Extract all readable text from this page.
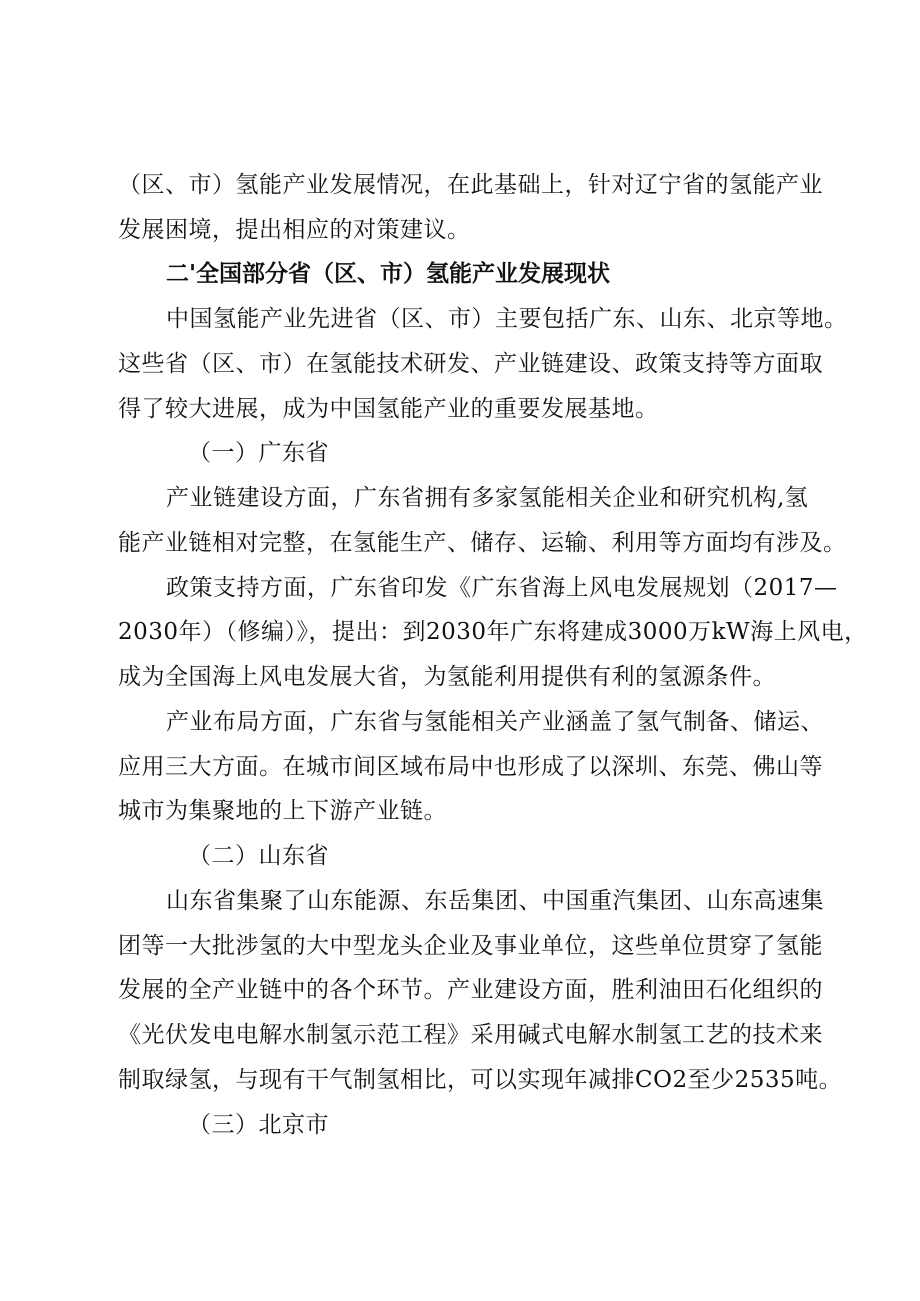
（区、市）氢能产业发展情况，在此基础上，针对辽宁省的氢能产业
发展困境，提出相应的对策建议。
二'全国部分省（区、市）氢能产业发展现状
中国氢能产业先进省（区、市）主要包括广东、山东、北京等地。
这些省（区、市）在氢能技术研发、产业链建设、政策支持等方面取
得了较大进展，成为中国氢能产业的重要发展基地。
（一）广东省
产业链建设方面，广东省拥有多家氢能相关企业和研究机构,氢
能产业链相对完整，在氢能生产、储存、运输、利用等方面均有涉及。
政策支持方面，广东省印发《广东省海上风电发展规划（2017—
2030年）（修编）》，提出：到2030年广东将建成3000万kW海上风电，
成为全国海上风电发展大省，为氢能利用提供有利的氢源条件。
产业布局方面，广东省与氢能相关产业涵盖了氢气制备、储运、
应用三大方面。在城市间区域布局中也形成了以深圳、东莞、佛山等
城市为集聚地的上下游产业链。
（二）山东省
山东省集聚了山东能源、东岳集团、中国重汽集团、山东高速集
团等一大批涉氢的大中型龙头企业及事业单位，这些单位贯穿了氢能
发展的全产业链中的各个环节。产业建设方面，胜利油田石化组织的
《光伏发电电解水制氢示范工程》采用碱式电解水制氢工艺的技术来
制取绿氢，与现有干气制氢相比，可以实现年减排CO2至少2535吨。
（三）北京市
